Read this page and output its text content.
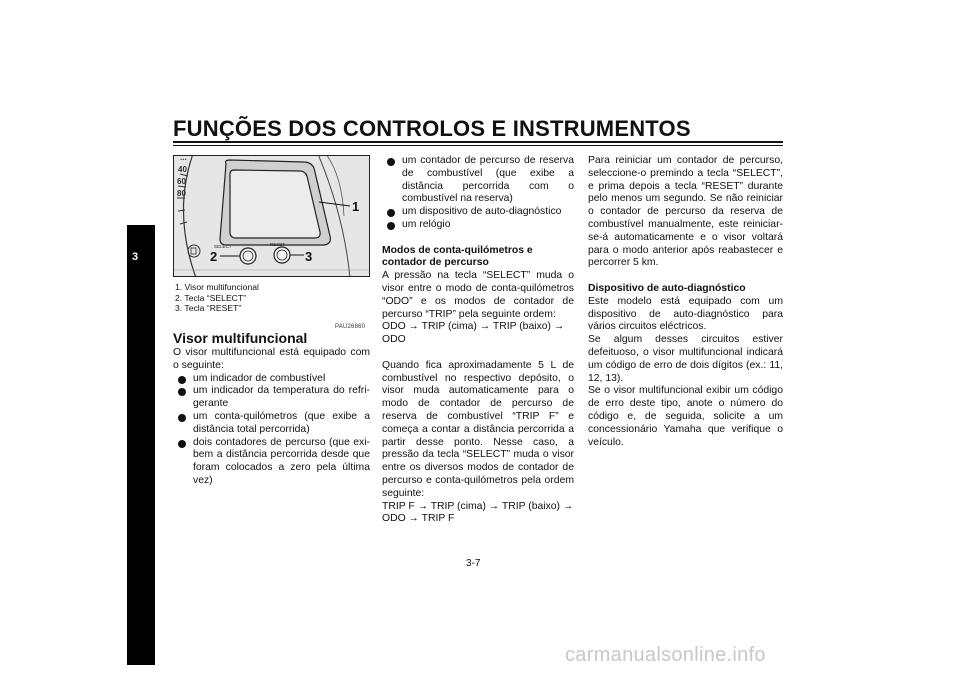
FUNÇÕES DOS CONTROLOS E INSTRUMENTOS
3
...
40
60
80
1
SELECT	RESET
2	3
1. Visor multifuncional
2. Tecla “SELECT”
3. Tecla “RESET”
PAU26860
Visor multifuncional

O visor multifuncional está equipado com o seguinte:

um indicador de combustível
um indicador da temperatura do refrigerante
um conta-quilómetros (que exibe a distância total percorrida)
dois contadores de percurso (que exibem a distância percorrida desde que foram colocados a zero pela última vez)
um contador de percurso de reserva de combustível (que exibe a distância percorrida com o combustível na reserva)
um dispositivo de auto-diagnóstico
um relógio

Modos de conta-quilómetros e contador de percurso

A pressão na tecla “SELECT” muda o visor entre o modo de conta-quilómetros “ODO” e os modos de contador de percurso “TRIP” pela seguinte ordem:

ODO → TRIP (cima) → TRIP (baixo) → ODO

Quando fica aproximadamente 5 L de combustível no respectivo depósito, o visor muda automaticamente para o modo de contador de percurso de reserva de combustível “TRIP F” e começa a contar a distância percorrida a partir desse ponto. Nesse caso, a pressão da tecla “SELECT” muda o visor entre os diversos modos de contador de percurso e conta-quilómetros pela ordem seguinte:

TRIP F → TRIP (cima) → TRIP (baixo) → ODO → TRIP F

Para reiniciar um contador de percurso, seleccione-o premindo a tecla “SELECT”, e prima depois a tecla “RESET” durante pelo menos um segundo. Se não reiniciar o contador de percurso da reserva de combustível manualmente, este reiniciar-se-á automaticamente e o visor voltará para o modo anterior após reabastecer e percorrer 5 km.

Dispositivo de auto-diagnóstico

Este modelo está equipado com um dispositivo de auto-diagnóstico para vários circuitos eléctricos.

Se algum desses circuitos estiver defeituoso, o visor multifuncional indicará um código de erro de dois dígitos (ex.: 11, 12, 13).

Se o visor multifuncional exibir um código de erro deste tipo, anote o número do código e, de seguida, solicite a um concessionário Yamaha que verifique o veículo.

3-7
carmanualsonline.info
